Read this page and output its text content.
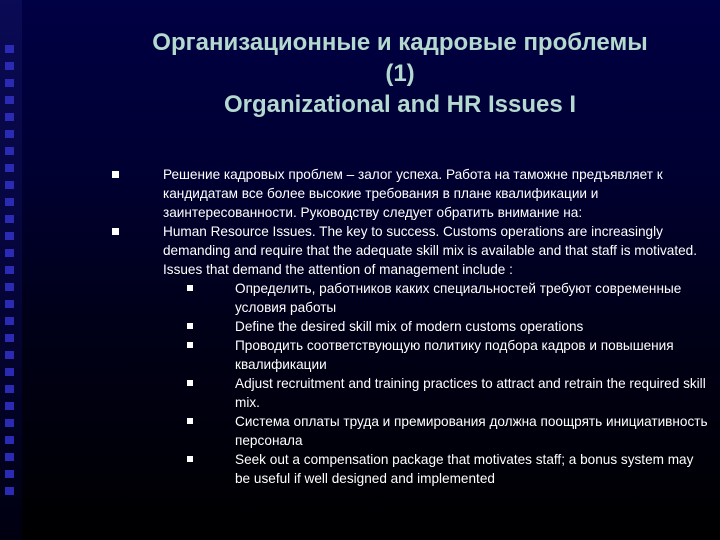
Организационные и кадровые проблемы
(1)
Organizational and HR Issues I
Решение кадровых проблем – залог успеха. Работа на таможне предъявляет к кандидатам все более высокие требования в плане квалификации и заинтересованности. Руководству следует обратить внимание на:
Human Resource Issues. The key to success. Customs operations are increasingly demanding and require that the adequate skill mix is available and that staff is motivated. Issues that demand the attention of management include :
Определить, работников каких специальностей требуют современные условия работы
Define the desired skill mix of modern customs operations
Проводить соответствующую политику подбора кадров и повышения квалификации
Adjust recruitment and training practices to attract and retrain the required skill mix.
Система оплаты труда и премирования должна поощрять инициативность персонала
Seek out a compensation package that motivates staff; a bonus system may be useful if well designed and implemented
